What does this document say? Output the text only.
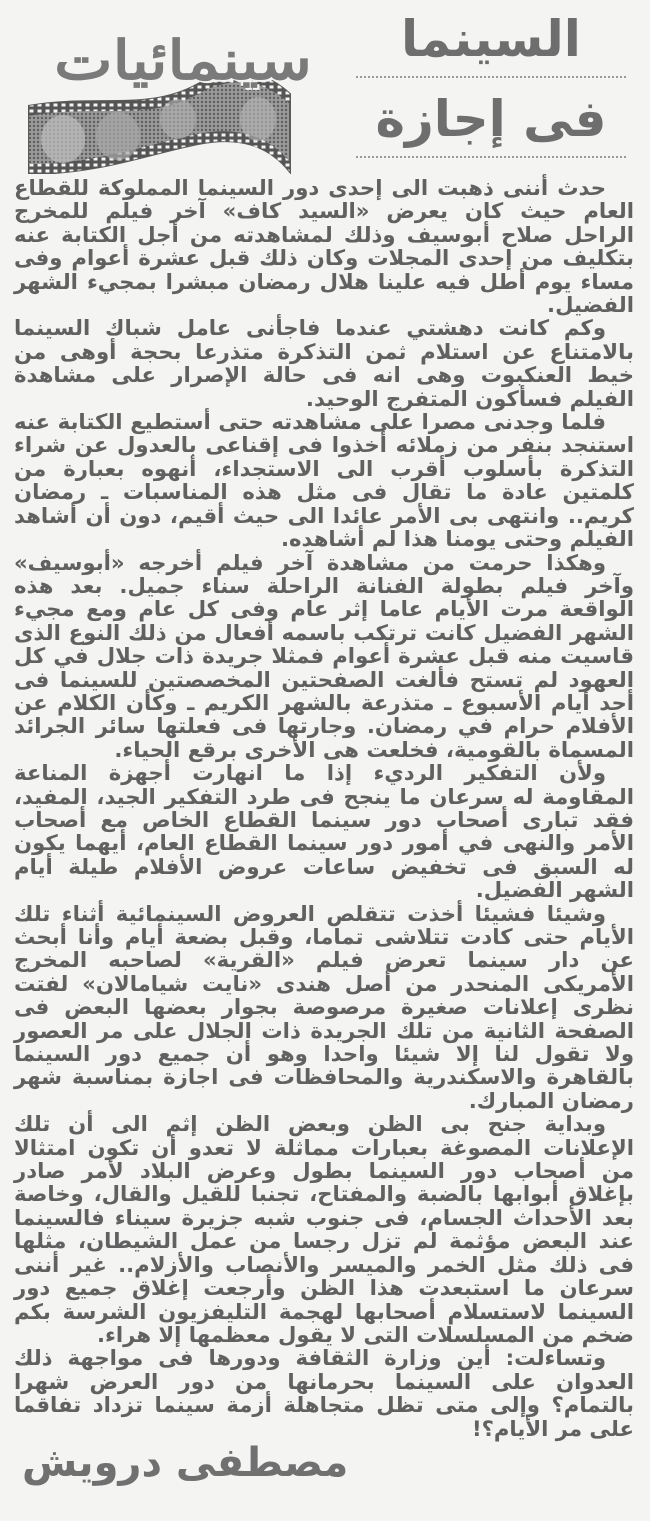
السينما
فى إجازة
سينمائيات

حدث أننى ذهبت الى إحدى دور السينما المملوكة للقطاع العام حيث كان يعرض «السيد كاف» آخر فيلم للمخرج الراحل صلاح أبوسيف وذلك لمشاهدته من أجل الكتابة عنه بتكليف من إحدى المجلات وكان ذلك قبل عشرة أعوام وفى مساء يوم أطل فيه علينا هلال رمضان مبشرا بمجيء الشهر الفضيل.

وكم كانت دهشتي عندما فاجأنى عامل شباك السينما بالامتناع عن استلام ثمن التذكرة متذرعا بحجة أوهى من خيط العنكبوت وهى انه فى حالة الإصرار على مشاهدة الفيلم فسأكون المتفرج الوحيد.

فلما وجدنى مصرا على مشاهدته حتى أستطيع الكتابة عنه استنجد بنفر من زملائه أخذوا فى إقناعى بالعدول عن شراء التذكرة بأسلوب أقرب الى الاستجداء، أنهوه بعبارة من كلمتين عادة ما تقال فى مثل هذه المناسبات ـ رمضان كريم.. وانتهى بى الأمر عائدا الى حيث أقيم، دون أن أشاهد الفيلم وحتى يومنا هذا لم أشاهده.

وهكذا حرمت من مشاهدة آخر فيلم أخرجه «أبوسيف» وآخر فيلم بطولة الفنانة الراحلة سناء جميل. بعد هذه الواقعة مرت الأيام عاما إثر عام وفى كل عام ومع مجيء الشهر الفضيل كانت ترتكب باسمه أفعال من ذلك النوع الذى قاسيت منه قبل عشرة أعوام فمثلا جريدة ذات جلال في كل العهود لم تستح فألغت الصفحتين المخصصتين للسينما فى أحد أيام الأسبوع ـ متذرعة بالشهر الكريم ـ وكأن الكلام عن الأفلام حرام في رمضان. وجارتها فى فعلتها سائر الجرائد المسماة بالقومية، فخلعت هى الأخرى برقع الحياء.

ولأن التفكير الرديء إذا ما انهارت أجهزة المناعة المقاومة له سرعان ما ينجح فى طرد التفكير الجيد، المفيد، فقد تبارى أصحاب دور سينما القطاع الخاص مع أصحاب الأمر والنهى في أمور دور سينما القطاع العام، أيهما يكون له السبق فى تخفيض ساعات عروض الأفلام طيلة أيام الشهر الفضيل.

وشيئا فشيئا أخذت تتقلص العروض السينمائية أثناء تلك الأيام حتى كادت تتلاشى تماما، وقبل بضعة أيام وأنا أبحث عن دار سينما تعرض فيلم «القرية» لصاحبه المخرج الأمريكى المنحدر من أصل هندى «نايت شيامالان» لفتت نظرى إعلانات صغيرة مرصوصة بجوار بعضها البعض فى الصفحة الثانية من تلك الجريدة ذات الجلال على مر العصور ولا تقول لنا إلا شيئا واحدا وهو أن جميع دور السينما بالقاهرة والاسكندرية والمحافظات فى اجازة بمناسبة شهر رمضان المبارك.

وبداية جنح بى الظن وبعض الظن إثم الى أن تلك الإعلانات المصوغة بعبارات مماثلة لا تعدو أن تكون امتثالا من أصحاب دور السينما بطول وعرض البلاد لأمر صادر بإغلاق أبوابها بالضبة والمفتاح، تجنبا للقيل والقال، وخاصة بعد الأحداث الجسام، فى جنوب شبه جزيرة سيناء فالسينما عند البعض مؤثمة لم تزل رجسا من عمل الشيطان، مثلها فى ذلك مثل الخمر والميسر والأنصاب والأزلام.. غير أننى سرعان ما استبعدت هذا الظن وأرجعت إغلاق جميع دور السينما لاستسلام أصحابها لهجمة التليفزيون الشرسة بكم ضخم من المسلسلات التى لا يقول معظمها إلا هراء.

وتساءلت: أين وزارة الثقافة ودورها فى مواجهة ذلك العدوان على السينما بحرمانها من دور العرض شهرا بالتمام؟ وإلى متى تظل متجاهلة أزمة سينما تزداد تفاقما على مر الأيام؟!

مصطفى درويش
